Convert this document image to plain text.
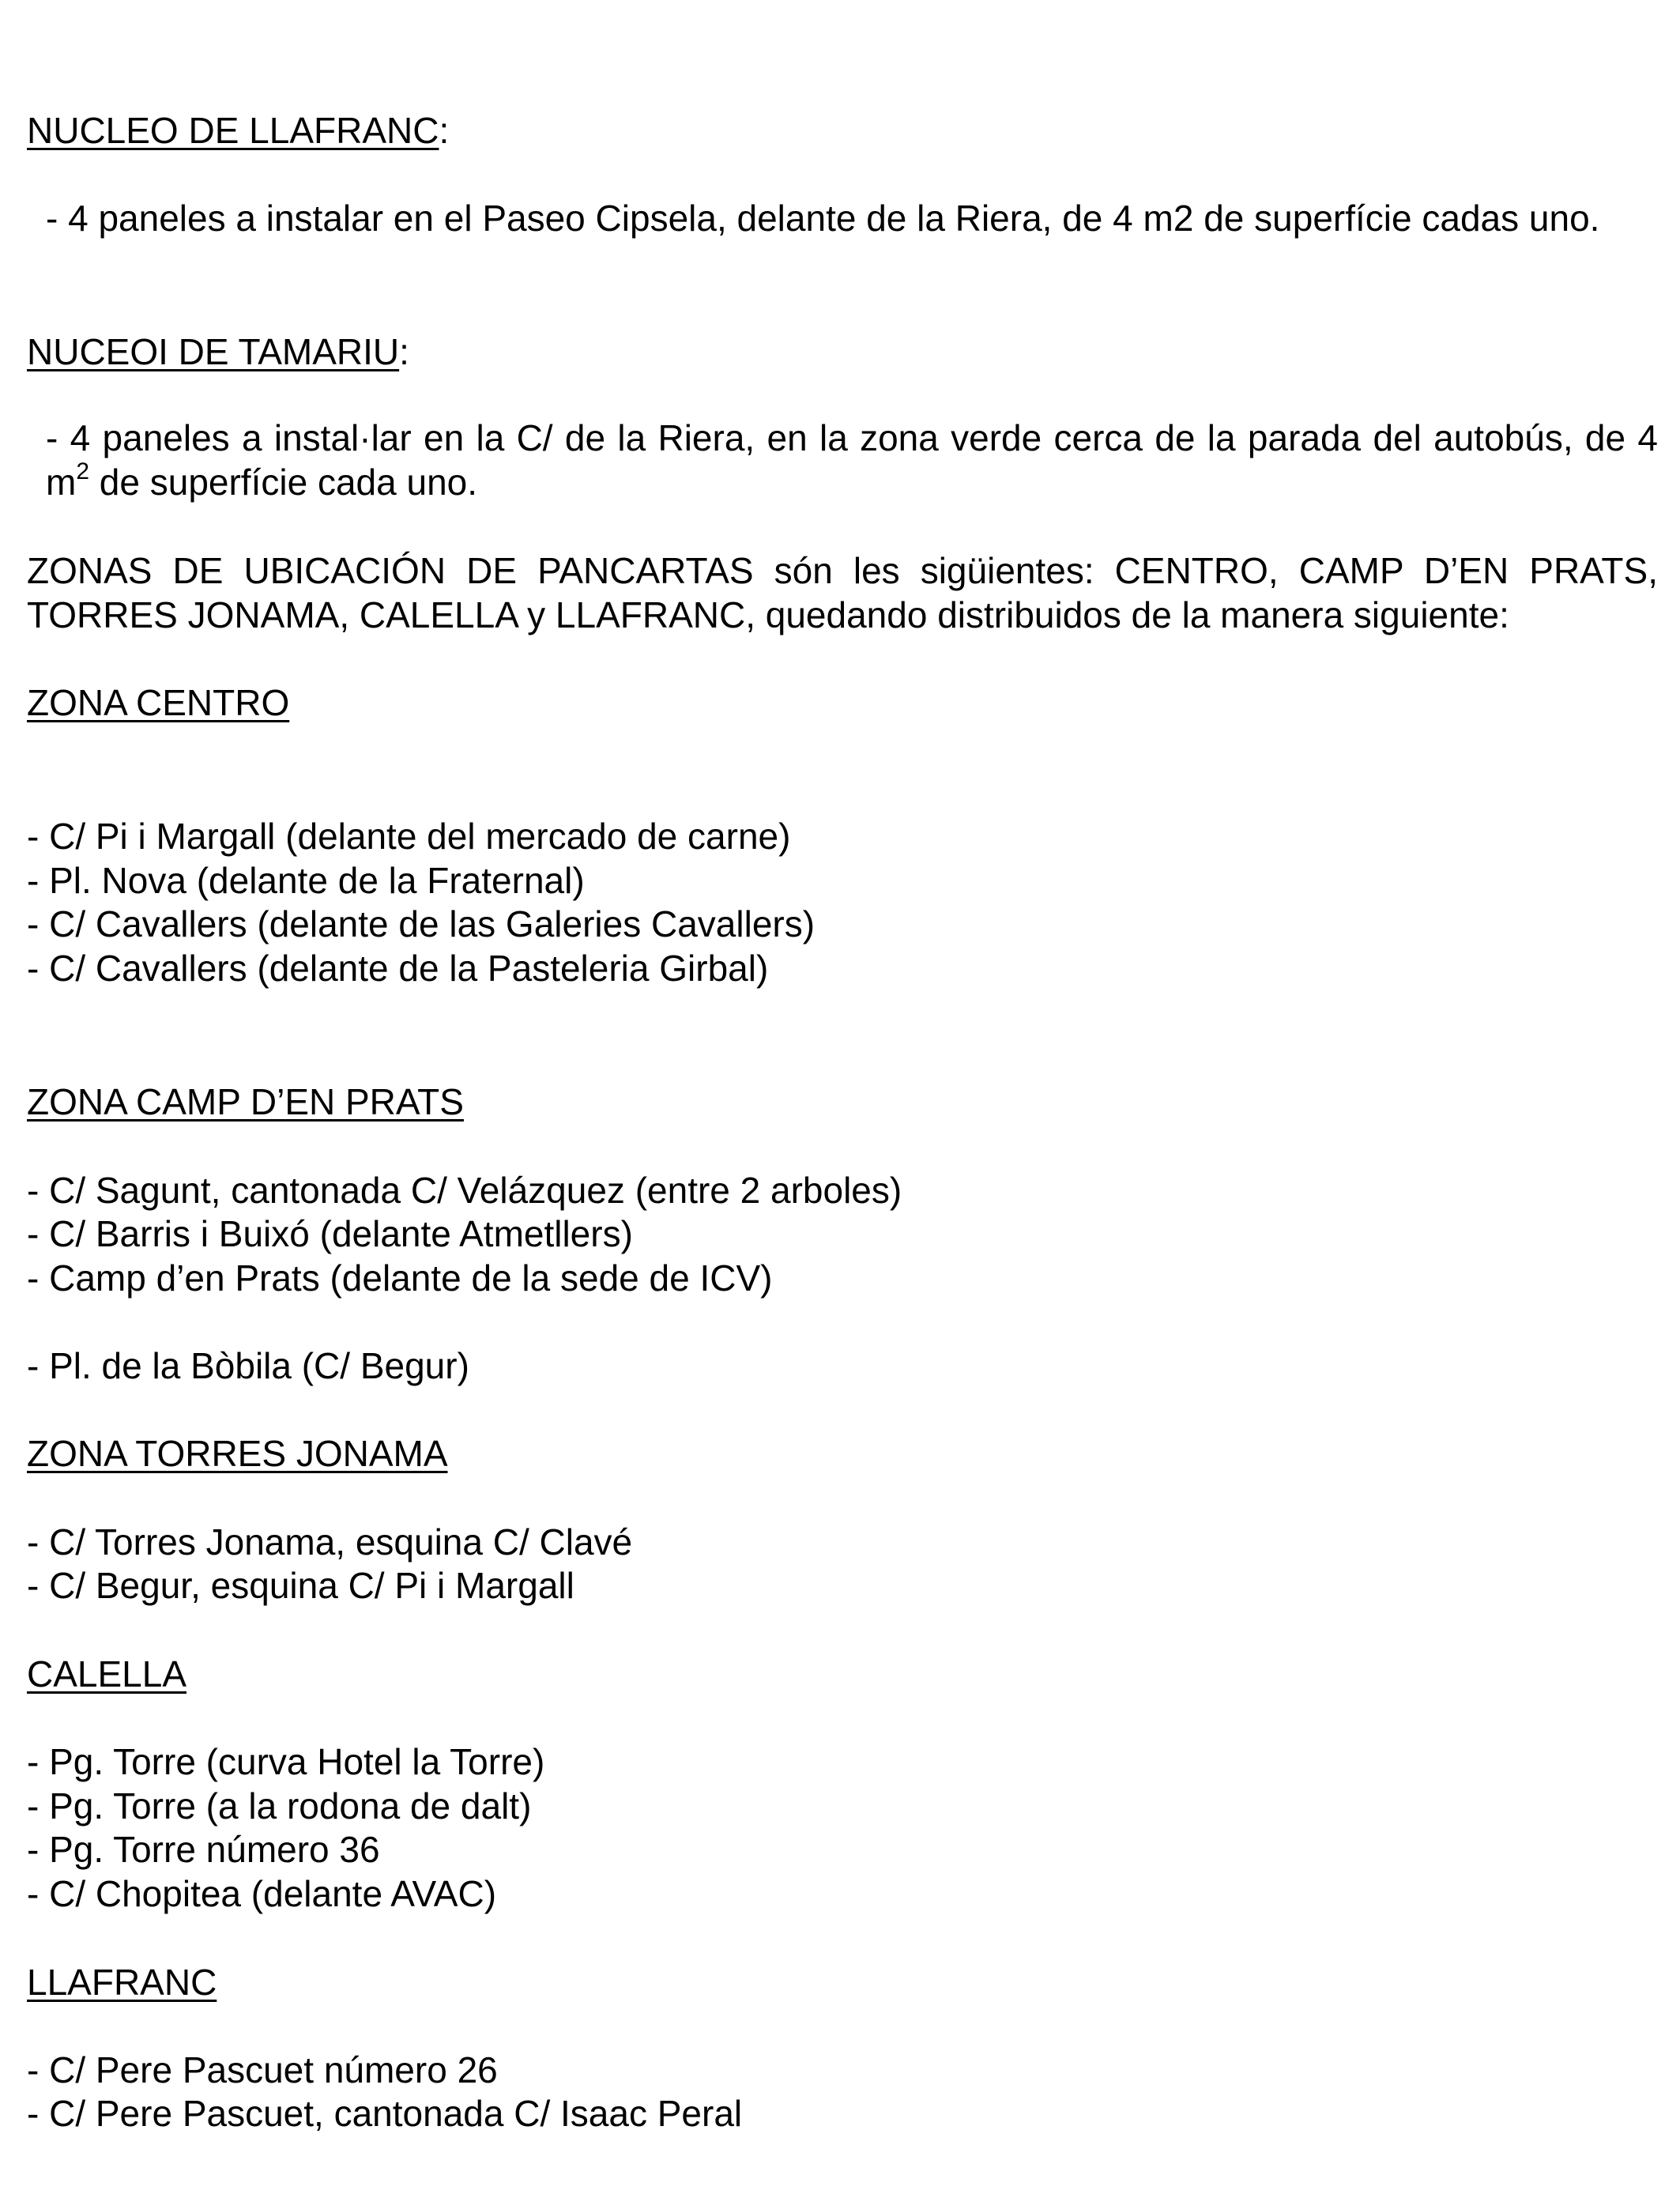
NUCLEO DE LLAFRANC:

- 4 paneles a instalar en el Paseo Cipsela, delante de la Riera, de 4 m2 de superfície cadas uno.

NUCEOI DE TAMARIU:

- 4 paneles a instal·lar en la C/ de la Riera, en la zona verde cerca de la parada del autobús, de 4 $m^2$ de superfície cada uno.

ZONAS DE UBICACIÓN DE PANCARTAS són les sigüientes: CENTRO, CAMP D’EN PRATS, TORRES JONAMA, CALELLA y LLAFRANC, quedando distribuidos de la manera siguiente:

ZONA CENTRO

- C/ Pi i Margall (delante del mercado de carne)

- Pl. Nova (delante de la Fraternal)

- C/ Cavallers (delante de las Galeries Cavallers)

- C/ Cavallers (delante de la Pasteleria Girbal)

ZONA CAMP D’EN PRATS

- C/ Sagunt, cantonada C/ Velázquez (entre 2 arboles)

- C/ Barris i Buixó (delante Atmetllers)

- Camp d’en Prats (delante de la sede de ICV)

- Pl. de la Bòbila (C/ Begur)

ZONA TORRES JONAMA

- C/ Torres Jonama, esquina C/ Clavé

- C/ Begur, esquina C/ Pi i Margall

CALELLA

- Pg. Torre (curva Hotel la Torre)

- Pg. Torre (a la rodona de dalt)

- Pg. Torre número 36

- C/ Chopitea (delante AVAC)

LLAFRANC

- C/ Pere Pascuet número 26

- C/ Pere Pascuet, cantonada C/ Isaac Peral
